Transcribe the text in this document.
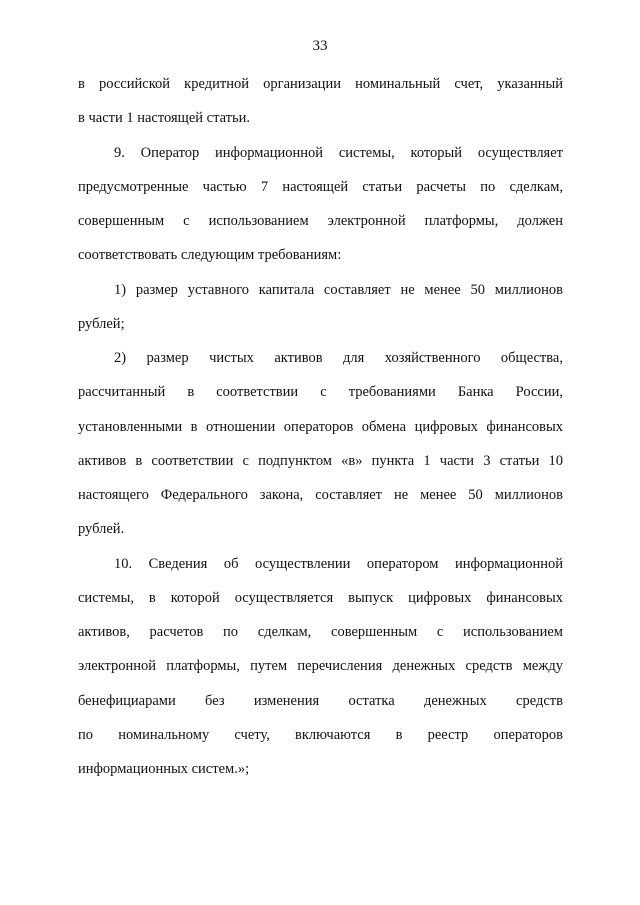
33
в российской кредитной организации номинальный счет, указанный
в части 1 настоящей статьи.
9. Оператор информационной системы, который осуществляет
предусмотренные частью 7 настоящей статьи расчеты по сделкам,
совершенным с использованием электронной платформы, должен
соответствовать следующим требованиям:
1) размер уставного капитала составляет не менее 50 миллионов
рублей;
2) размер чистых активов для хозяйственного общества,
рассчитанный в соответствии с требованиями Банка России,
установленными в отношении операторов обмена цифровых финансовых
активов в соответствии с подпунктом «в» пункта 1 части 3 статьи 10
настоящего Федерального закона, составляет не менее 50 миллионов
рублей.
10. Сведения об осуществлении оператором информационной
системы, в которой осуществляется выпуск цифровых финансовых
активов, расчетов по сделкам, совершенным с использованием
электронной платформы, путем перечисления денежных средств между
бенефициарами без изменения остатка денежных средств
по номинальному счету, включаются в реестр операторов
информационных систем.»;
